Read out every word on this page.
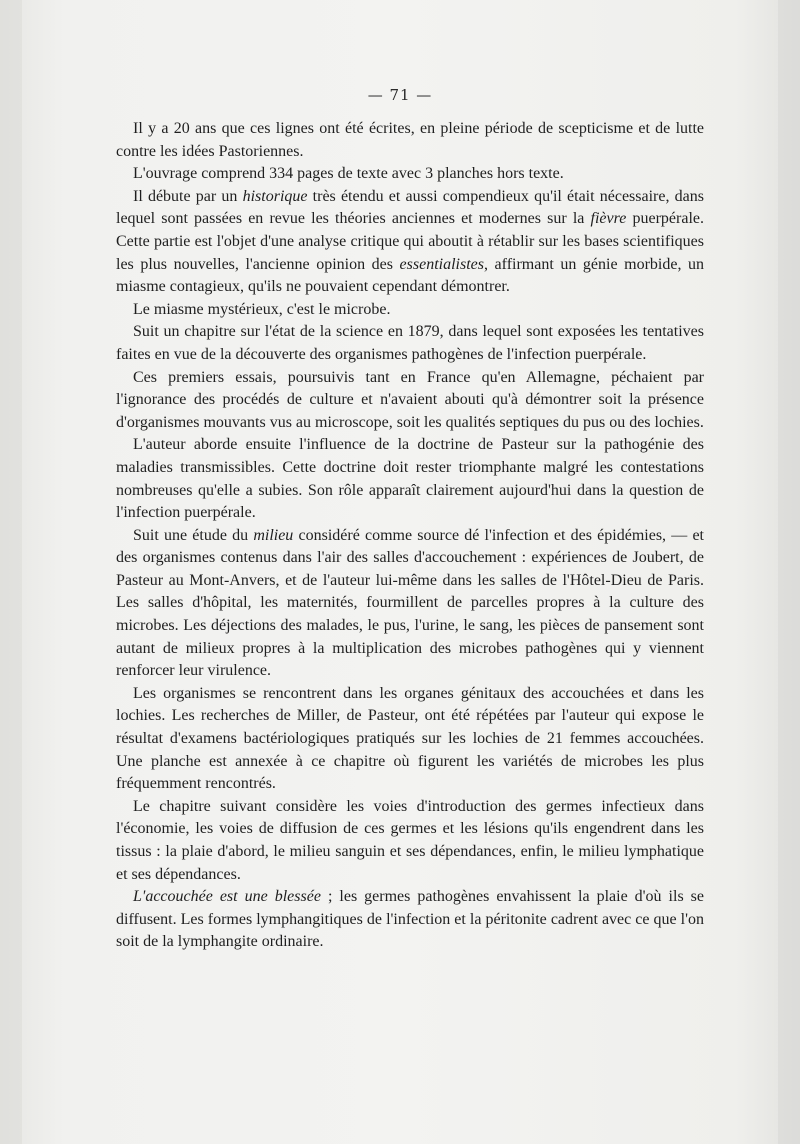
— 71 —

Il y a 20 ans que ces lignes ont été écrites, en pleine période de scepticisme et de lutte contre les idées Pastoriennes.

L'ouvrage comprend 334 pages de texte avec 3 planches hors texte.

Il débute par un historique très étendu et aussi compendieux qu'il était nécessaire, dans lequel sont passées en revue les théories anciennes et modernes sur la fièvre puerpérale. Cette partie est l'objet d'une analyse critique qui aboutit à rétablir sur les bases scientifiques les plus nouvelles, l'ancienne opinion des essentialistes, affirmant un génie morbide, un miasme contagieux, qu'ils ne pouvaient cependant démontrer.

Le miasme mystérieux, c'est le microbe.

Suit un chapitre sur l'état de la science en 1879, dans lequel sont exposées les tentatives faites en vue de la découverte des organismes pathogènes de l'infection puerpérale.

Ces premiers essais, poursuivis tant en France qu'en Allemagne, péchaient par l'ignorance des procédés de culture et n'avaient abouti qu'à démontrer soit la présence d'organismes mouvants vus au microscope, soit les qualités septiques du pus ou des lochies.

L'auteur aborde ensuite l'influence de la doctrine de Pasteur sur la pathogénie des maladies transmissibles. Cette doctrine doit rester triomphante malgré les contestations nombreuses qu'elle a subies. Son rôle apparaît clairement aujourd'hui dans la question de l'infection puerpérale.

Suit une étude du milieu considéré comme source dé l'infection et des épidémies, — et des organismes contenus dans l'air des salles d'accouchement : expériences de Joubert, de Pasteur au Mont-Anvers, et de l'auteur lui-même dans les salles de l'Hôtel-Dieu de Paris. Les salles d'hôpital, les maternités, fourmillent de parcelles propres à la culture des microbes. Les déjections des malades, le pus, l'urine, le sang, les pièces de pansement sont autant de milieux propres à la multiplication des microbes pathogènes qui y viennent renforcer leur virulence.

Les organismes se rencontrent dans les organes génitaux des accouchées et dans les lochies. Les recherches de Miller, de Pasteur, ont été répétées par l'auteur qui expose le résultat d'examens bactériologiques pratiqués sur les lochies de 21 femmes accouchées. Une planche est annexée à ce chapitre où figurent les variétés de microbes les plus fréquemment rencontrés.

Le chapitre suivant considère les voies d'introduction des germes infectieux dans l'économie, les voies de diffusion de ces germes et les lésions qu'ils engendrent dans les tissus : la plaie d'abord, le milieu sanguin et ses dépendances, enfin, le milieu lymphatique et ses dépendances.

L'accouchée est une blessée ; les germes pathogènes envahissent la plaie d'où ils se diffusent. Les formes lymphangitiques de l'infection et la péritonite cadrent avec ce que l'on soit de la lymphangite ordinaire.
